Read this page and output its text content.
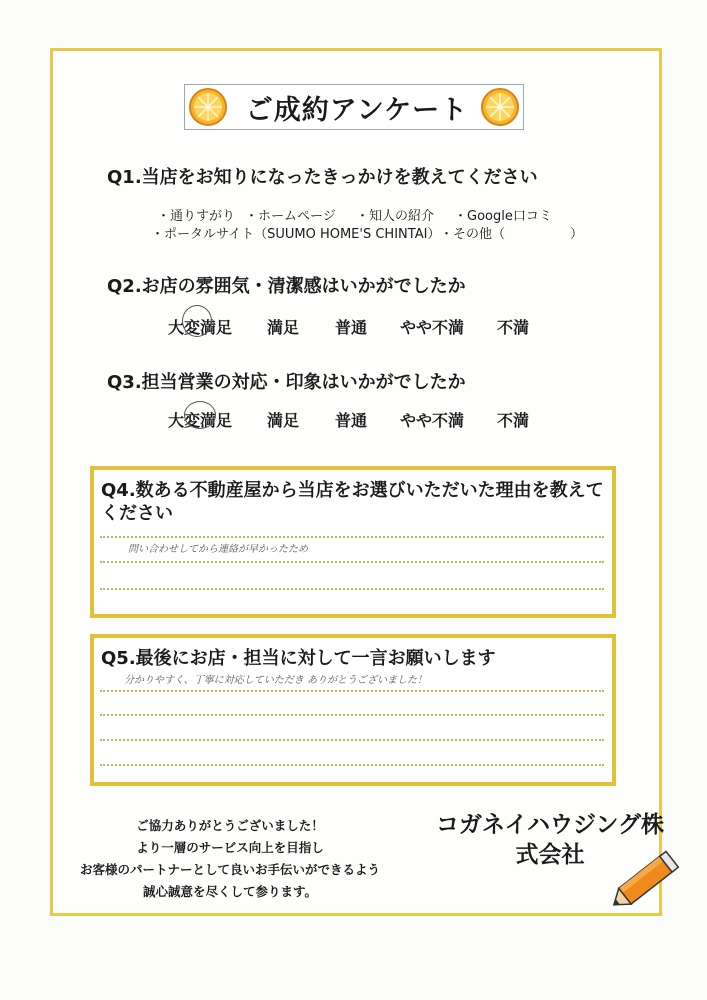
ご成約アンケート
Q1.当店をお知りになったきっかけを教えてください
・通りすがり ・ホームページ ・知人の紹介 ・Google口コミ
・ポータルサイト（SUUMO HOME'S CHINTAI） ・その他（　　　　　）
Q2.お店の雰囲気・清潔感はいかがでしたか
大変満足 満足 普通 やや不満 不満
Q3.担当営業の対応・印象はいかがでしたか
大変満足 満足 普通 やや不満 不満
Q4.数ある不動産屋から当店をお選びいただいた理由を教えて
ください
問い合わせしてから連絡が早かったため
Q5.最後にお店・担当に対して一言お願いします
分かりやすく、丁寧に対応していただき ありがとうございました！
ご協力ありがとうございました！
より一層のサービス向上を目指し
お客様のパートナーとして良いお手伝いができるよう
誠心誠意を尽くして参ります。
コガネイハウジング株
式会社
